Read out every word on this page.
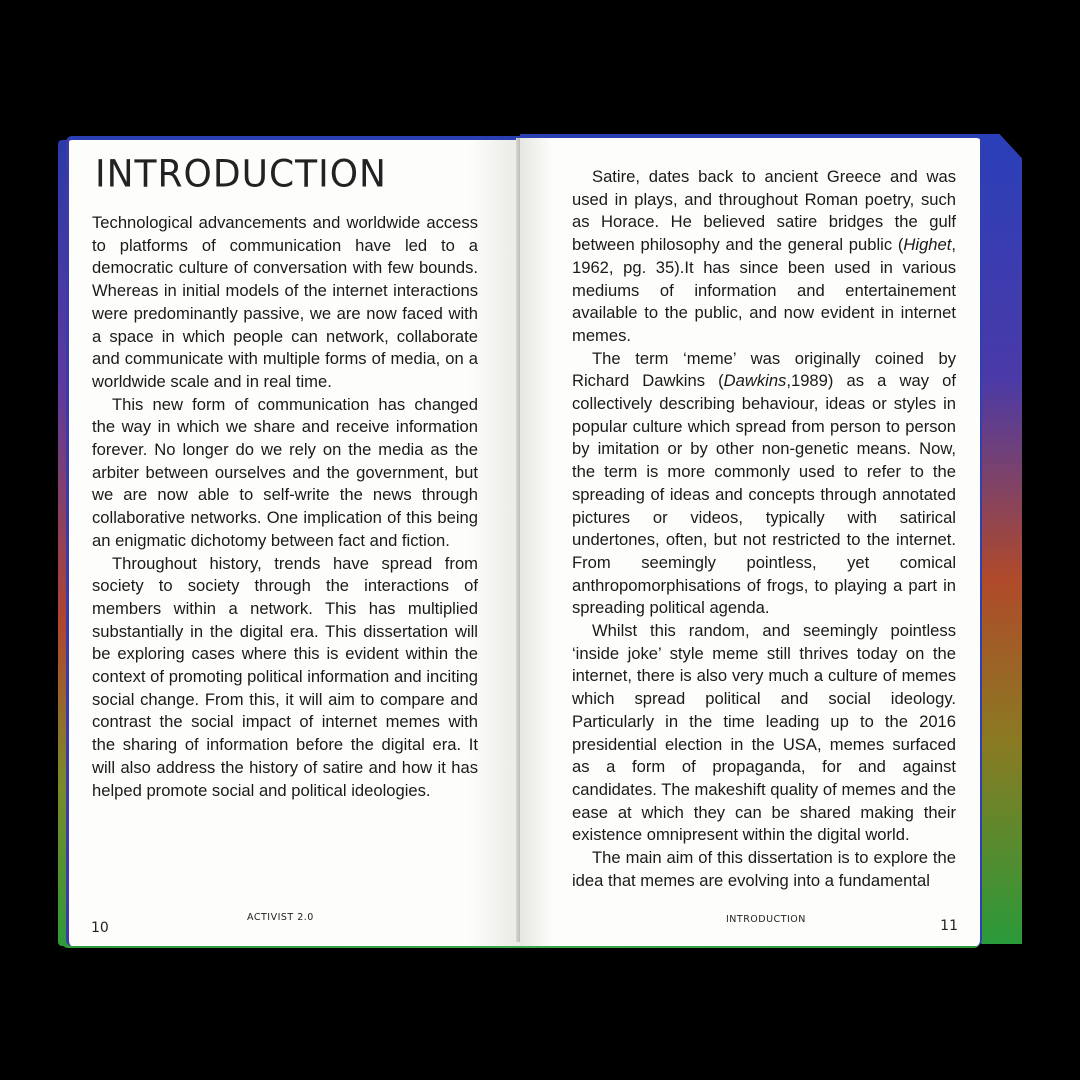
INTRODUCTION

Technological advancements and worldwide access to platforms of communication have led to a democratic culture of conversation with few bounds. Whereas in initial models of the internet interactions were predominantly passive, we are now faced with a space in which people can network, collaborate and communicate with multiple forms of media, on a worldwide scale and in real time.

This new form of communication has changed the way in which we share and receive information forever. No longer do we rely on the media as the arbiter between ourselves and the government, but we are now able to self-write the news through collaborative networks. One implication of this being an enigmatic dichotomy between fact and fiction.

Throughout history, trends have spread from society to society through the interactions of members within a network. This has multiplied substantially in the digital era. This dissertation will be exploring cases where this is evident within the context of promoting political information and inciting social change. From this, it will aim to compare and contrast the social impact of internet memes with the sharing of information before the digital era. It will also address the history of satire and how it has helped promote social and political ideologies.

10
ACTIVIST 2.0

Satire, dates back to ancient Greece and was used in plays, and throughout Roman poetry, such as Horace. He believed satire bridges the gulf between philosophy and the general public (Highet, 1962, pg. 35).It has since been used in various mediums of information and entertainement available to the public, and now evident in internet memes.

The term ‘meme’ was originally coined by Richard Dawkins (Dawkins,1989) as a way of collectively describing behaviour, ideas or styles in popular culture which spread from person to person by imitation or by other non-genetic means. Now, the term is more commonly used to refer to the spreading of ideas and concepts through annotated pictures or videos, typically with satirical undertones, often, but not restricted to the internet. From seemingly pointless, yet comical anthropomorphisations of frogs, to playing a part in spreading political agenda.

Whilst this random, and seemingly pointless ‘inside joke’ style meme still thrives today on the internet, there is also very much a culture of memes which spread political and social ideology. Particularly in the time leading up to the 2016 presidential election in the USA, memes surfaced as a form of propaganda, for and against candidates. The makeshift quality of memes and the ease at which they can be shared making their existence omnipresent within the digital world.

The main aim of this dissertation is to explore the idea that memes are evolving into a fundamental

INTRODUCTION	11
